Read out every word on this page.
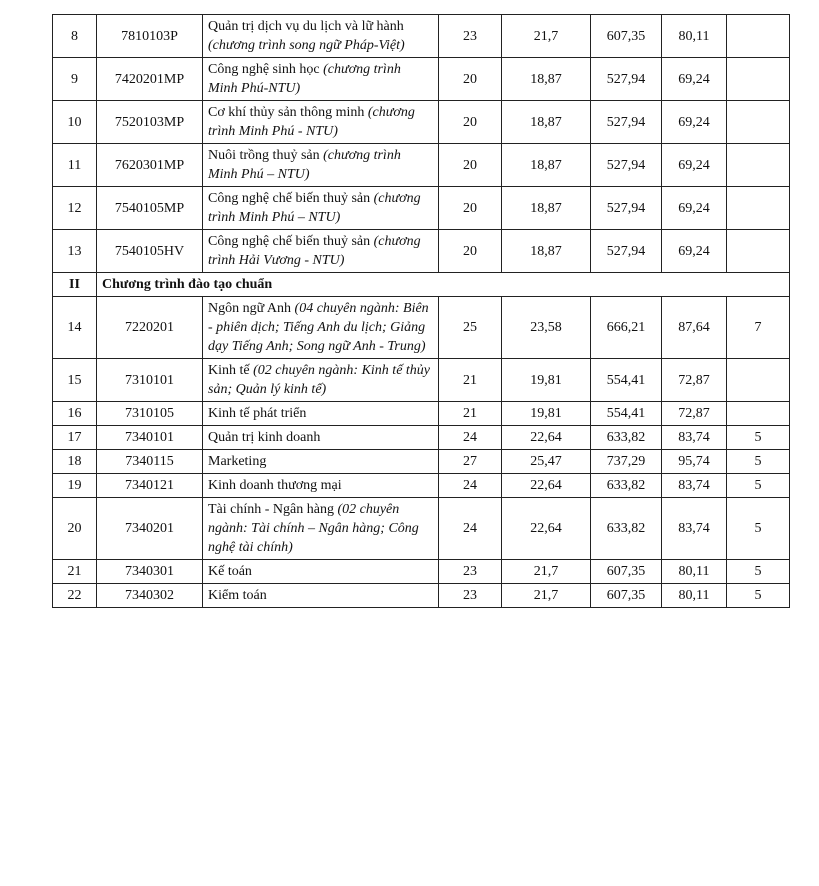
8	7810103P	Quản trị dịch vụ du lịch và lữ hành (chương trình song ngữ Pháp-Việt)	23	21,7	607,35	80,11	
9	7420201MP	Công nghệ sinh học (chương trình Minh Phú-NTU)	20	18,87	527,94	69,24	
10	7520103MP	Cơ khí thủy sản thông minh (chương trình Minh Phú - NTU)	20	18,87	527,94	69,24	
11	7620301MP	Nuôi trồng thuỷ sản (chương trình Minh Phú – NTU)	20	18,87	527,94	69,24	
12	7540105MP	Công nghệ chế biến thuỷ sản (chương trình Minh Phú – NTU)	20	18,87	527,94	69,24	
13	7540105HV	Công nghệ chế biến thuỷ sản (chương trình Hải Vương - NTU)	20	18,87	527,94	69,24	
II	Chương trình đào tạo chuẩn						
14	7220201	Ngôn ngữ Anh (04 chuyên ngành: Biên - phiên dịch; Tiếng Anh du lịch; Giảng dạy Tiếng Anh; Song ngữ Anh - Trung)	25	23,58	666,21	87,64	7
15	7310101	Kinh tế (02 chuyên ngành: Kinh tế thủy sản; Quản lý kinh tế)	21	19,81	554,41	72,87	
16	7310105	Kinh tế phát triển	21	19,81	554,41	72,87	
17	7340101	Quản trị kinh doanh	24	22,64	633,82	83,74	5
18	7340115	Marketing	27	25,47	737,29	95,74	5
19	7340121	Kinh doanh thương mại	24	22,64	633,82	83,74	5
20	7340201	Tài chính - Ngân hàng (02 chuyên ngành: Tài chính – Ngân hàng; Công nghệ tài chính)	24	22,64	633,82	83,74	5
21	7340301	Kế toán	23	21,7	607,35	80,11	5
22	7340302	Kiểm toán	23	21,7	607,35	80,11	5
